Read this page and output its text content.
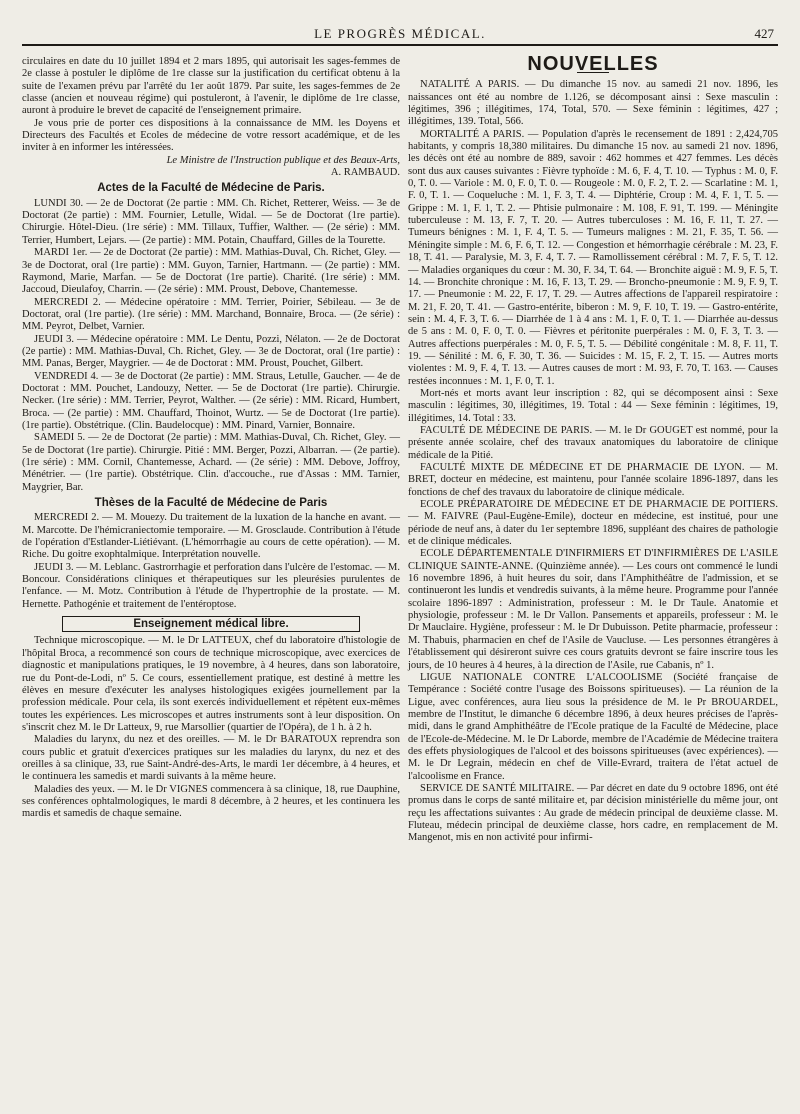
LE PROGRÈS MÉDICAL.	427

circulaires en date du 10 juillet 1894 et 2 mars 1895, qui autorisait les sages-femmes de 2e classe à postuler le diplôme de 1re classe sur la justification du certificat obtenu à la suite de l'examen prévu par l'arrêté du 1er août 1879. Par suite, les sages-femmes de 2e classe (ancien et nouveau régime) qui postuleront, à l'avenir, le diplôme de 1re classe, auront à produire le brevet de capacité de l'enseignement primaire.

Je vous prie de porter ces dispositions à la connaissance de MM. les Doyens et Directeurs des Facultés et Ecoles de médecine de votre ressort académique, et de les inviter à en informer les intéressées.

Le Ministre de l'Instruction publique et des Beaux-Arts,

A. RAMBAUD.

Actes de la Faculté de Médecine de Paris.

LUNDI 30. — 2e de Doctorat (2e partie : MM. Ch. Richet, Retterer, Weiss. — 3e de Doctorat (2e partie) : MM. Fournier, Letulle, Widal. — 5e de Doctorat (1re partie). Chirurgie. Hôtel-Dieu. (1re série) : MM. Tillaux, Tuffier, Walther. — (2e série) : MM. Terrier, Humbert, Lejars. — (2e partie) : MM. Potain, Chauffard, Gilles de la Tourette.

MARDI 1er. — 2e de Doctorat (2e partie) : MM. Mathias-Duval, Ch. Richet, Gley. — 3e de Doctorat, oral (1re partie) : MM. Guyon, Tarnier, Hartmann. — (2e partie) : MM. Raymond, Marie, Marfan. — 5e de Doctorat (1re partie). Charité. (1re série) : MM. Jaccoud, Dieulafoy, Charrin. — (2e série) : MM. Proust, Debove, Chantemesse.

MERCREDI 2. — Médecine opératoire : MM. Terrier, Poirier, Sébileau. — 3e de Doctorat, oral (1re partie). (1re série) : MM. Marchand, Bonnaire, Broca. — (2e série) : MM. Peyrot, Delbet, Varnier.

JEUDI 3. — Médecine opératoire : MM. Le Dentu, Pozzi, Nélaton. — 2e de Doctorat (2e partie) : MM. Mathias-Duval, Ch. Richet, Gley. — 3e de Doctorat, oral (1re partie) : MM. Panas, Berger, Maygrier. — 4e de Doctorat : MM. Proust, Pouchet, Gilbert.

VENDREDI 4. — 3e de Doctorat (2e partie) : MM. Straus, Letulle, Gaucher. — 4e de Doctorat : MM. Pouchet, Landouzy, Netter. — 5e de Doctorat (1re partie). Chirurgie. Necker. (1re série) : MM. Terrier, Peyrot, Walther. — (2e série) : MM. Ricard, Humbert, Broca. — (2e partie) : MM. Chauffard, Thoinot, Wurtz. — 5e de Doctorat (1re partie). (1re partie). Obstétrique. (Clin. Baudelocque) : MM. Pinard, Varnier, Bonnaire.

SAMEDI 5. — 2e de Doctorat (2e partie) : MM. Mathias-Duval, Ch. Richet, Gley. — 5e de Doctorat (1re partie). Chirurgie. Pitié : MM. Berger, Pozzi, Albarran. — (2e partie). (1re série) : MM. Cornil, Chantemesse, Achard. — (2e série) : MM. Debove, Joffroy, Ménétrier. — (1re partie). Obstétrique. Clin. d'accouche., rue d'Assas : MM. Tarnier, Maygrier, Bar.

Thèses de la Faculté de Médecine de Paris

MERCREDI 2. — M. Mouezy. Du traitement de la luxation de la hanche en avant. — M. Marcotte. De l'hémicraniectomie temporaire. — M. Grosclaude. Contribution à l'étude de l'opération d'Estlander-Liétiévant. (L'hémorrhagie au cours de cette opération). — M. Riche. Du goitre exophtalmique. Interprétation nouvelle.

JEUDI 3. — M. Leblanc. Gastrorrhagie et perforation dans l'ulcère de l'estomac. — M. Boncour. Considérations cliniques et thérapeutiques sur les pleurésies purulentes de l'enfance. — M. Motz. Contribution à l'étude de l'hypertrophie de la prostate. — M. Hernette. Pathogénie et traitement de l'entéroptose.

Enseignement médical libre.

Technique microscopique. — M. le Dr LATTEUX, chef du laboratoire d'histologie de l'hôpital Broca, a recommencé son cours de technique microscopique, avec exercices de diagnostic et manipulations pratiques, le 19 novembre, à 4 heures, dans son laboratoire, rue du Pont-de-Lodi, nº 5. Ce cours, essentiellement pratique, est destiné à mettre les élèves en mesure d'exécuter les analyses histologiques exigées journellement par la profession médicale. Pour cela, ils sont exercés individuellement et répètent eux-mêmes toutes les expériences. Les microscopes et autres instruments sont à leur disposition. On s'inscrit chez M. le Dr Latteux, 9, rue Marsollier (quartier de l'Opéra), de 1 h. à 2 h.

Maladies du larynx, du nez et des oreilles. — M. le Dr BARATOUX reprendra son cours public et gratuit d'exercices pratiques sur les maladies du larynx, du nez et des oreilles à sa clinique, 33, rue Saint-André-des-Arts, le mardi 1er décembre, à 4 heures, et le continuera les samedis et mardi suivants à la même heure.

Maladies des yeux. — M. le Dr VIGNES commencera à sa clinique, 18, rue Dauphine, ses conférences ophtalmologiques, le mardi 8 décembre, à 2 heures, et les continuera les mardis et samedis de chaque semaine.

NOUVELLES

NATALITÉ A PARIS. — Du dimanche 15 nov. au samedi 21 nov. 1896, les naissances ont été au nombre de 1.126, se décomposant ainsi : Sexe masculin : légitimes, 396 ; illégitimes, 174, Total, 570. — Sexe féminin : légitimes, 427 ; illégitimes, 139. Total, 566.

MORTALITÉ A PARIS. — Population d'après le recensement de 1891 : 2,424,705 habitants, y compris 18,380 militaires. Du dimanche 15 nov. au samedi 21 nov. 1896, les décès ont été au nombre de 889, savoir : 462 hommes et 427 femmes. Les décès sont dus aux causes suivantes : Fièvre typhoïde : M. 6, F. 4, T. 10. — Typhus : M. 0, F. 0, T. 0. — Variole : M. 0, F. 0, T. 0. — Rougeole : M. 0, F. 2, T. 2. — Scarlatine : M. 1, F. 0, T. 1. — Coqueluche : M. 1, F. 3, T. 4. — Diphtérie, Croup : M. 4, F. 1, T. 5. — Grippe : M. 1, F. 1, T. 2. — Phtisie pulmonaire : M. 108, F. 91, T. 199. — Méningite tuberculeuse : M. 13, F. 7, T. 20. — Autres tuberculoses : M. 16, F. 11, T. 27. — Tumeurs bénignes : M. 1, F. 4, T. 5. — Tumeurs malignes : M. 21, F. 35, T. 56. — Méningite simple : M. 6, F. 6, T. 12. — Congestion et hémorrhagie cérébrale : M. 23, F. 18, T. 41. — Paralysie, M. 3, F. 4, T. 7. — Ramollissement cérébral : M. 7, F. 5, T. 12. — Maladies organiques du cœur : M. 30, F. 34, T. 64. — Bronchite aiguë : M. 9, F. 5, T. 14. — Bronchite chronique : M. 16, F. 13, T. 29. — Broncho-pneumonie : M. 9, F. 9, T. 17. — Pneumonie : M. 22, F. 17, T. 29. — Autres affections de l'appareil respiratoire : M. 21, F. 20, T. 41. — Gastro-entérite, biberon : M. 9, F. 10, T. 19. — Gastro-entérite, sein : M. 4, F. 3, T. 6. — Diarrhée de 1 à 4 ans : M. 1, F. 0, T. 1. — Diarrhée au-dessus de 5 ans : M. 0, F. 0, T. 0. — Fièvres et péritonite puerpérales : M. 0, F. 3, T. 3. — Autres affections puerpérales : M. 0, F. 5, T. 5. — Débilité congénitale : M. 8, F. 11, T. 19. — Sénilité : M. 6, F. 30, T. 36. — Suicides : M. 15, F. 2, T. 15. — Autres morts violentes : M. 9, F. 4, T. 13. — Autres causes de mort : M. 93, F. 70, T. 163. — Causes restées inconnues : M. 1, F. 0, T. 1.

Mort-nés et morts avant leur inscription : 82, qui se décomposent ainsi : Sexe masculin : légitimes, 30, illégitimes, 19. Total : 44 — Sexe féminin : légitimes, 19, illégitimes, 14. Total : 33.

FACULTÉ DE MÉDECINE DE PARIS. — M. le Dr GOUGET est nommé, pour la présente année scolaire, chef des travaux anatomiques du laboratoire de clinique médicale de la Pitié.

FACULTÉ MIXTE DE MÉDECINE ET DE PHARMACIE DE LYON. — M. BRET, docteur en médecine, est maintenu, pour l'année scolaire 1896-1897, dans les fonctions de chef des travaux du laboratoire de clinique médicale.

ECOLE PRÉPARATOIRE DE MÉDECINE ET DE PHARMACIE DE POITIERS. — M. FAIVRE (Paul-Eugène-Emile), docteur en médecine, est institué, pour une période de neuf ans, à dater du 1er septembre 1896, suppléant des chaires de pathologie et de clinique médicales.

ECOLE DÉPARTEMENTALE D'INFIRMIERS ET D'INFIRMIÈRES DE L'ASILE CLINIQUE SAINTE-ANNE. (Quinzième année). — Les cours ont commencé le lundi 16 novembre 1896, à huit heures du soir, dans l'Amphithéâtre de l'admission, et se continueront les lundis et vendredis suivants, à la même heure. Programme pour l'année scolaire 1896-1897 : Administration, professeur : M. le Dr Taule. Anatomie et physiologie, professeur : M. le Dr Vallon. Pansements et appareils, professeur : M. le Dr Mauclaire. Hygiène, professeur : M. le Dr Dubuisson. Petite pharmacie, professeur : M. Thabuis, pharmacien en chef de l'Asile de Vaucluse. — Les personnes étrangères à l'établissement qui désireront suivre ces cours gratuits devront se faire inscrire tous les jours, de 10 heures à 4 heures, à la direction de l'Asile, rue Cabanis, nº 1.

LIGUE NATIONALE CONTRE L'ALCOOLISME (Société française de Tempérance : Société contre l'usage des Boissons spiritueuses). — La réunion de la Ligue, avec conférences, aura lieu sous la présidence de M. le Pr BROUARDEL, membre de l'Institut, le dimanche 6 décembre 1896, à deux heures précises de l'après-midi, dans le grand Amphithéâtre de l'Ecole pratique de la Faculté de Médecine, place de l'Ecole-de-Médecine. M. le Dr Laborde, membre de l'Académie de Médecine traitera des effets physiologiques de l'alcool et des boissons spiritueuses (avec expériences). — M. le Dr Legrain, médecin en chef de Ville-Evrard, traitera de l'état actuel de l'alcoolisme en France.

SERVICE DE SANTÉ MILITAIRE. — Par décret en date du 9 octobre 1896, ont été promus dans le corps de santé militaire et, par décision ministérielle du même jour, ont reçu les affectations suivantes : Au grade de médecin principal de deuxième classe. M. Fluteau, médecin principal de deuxième classe, hors cadre, en remplacement de M. Mangenot, mis en non activité pour infirmi-
